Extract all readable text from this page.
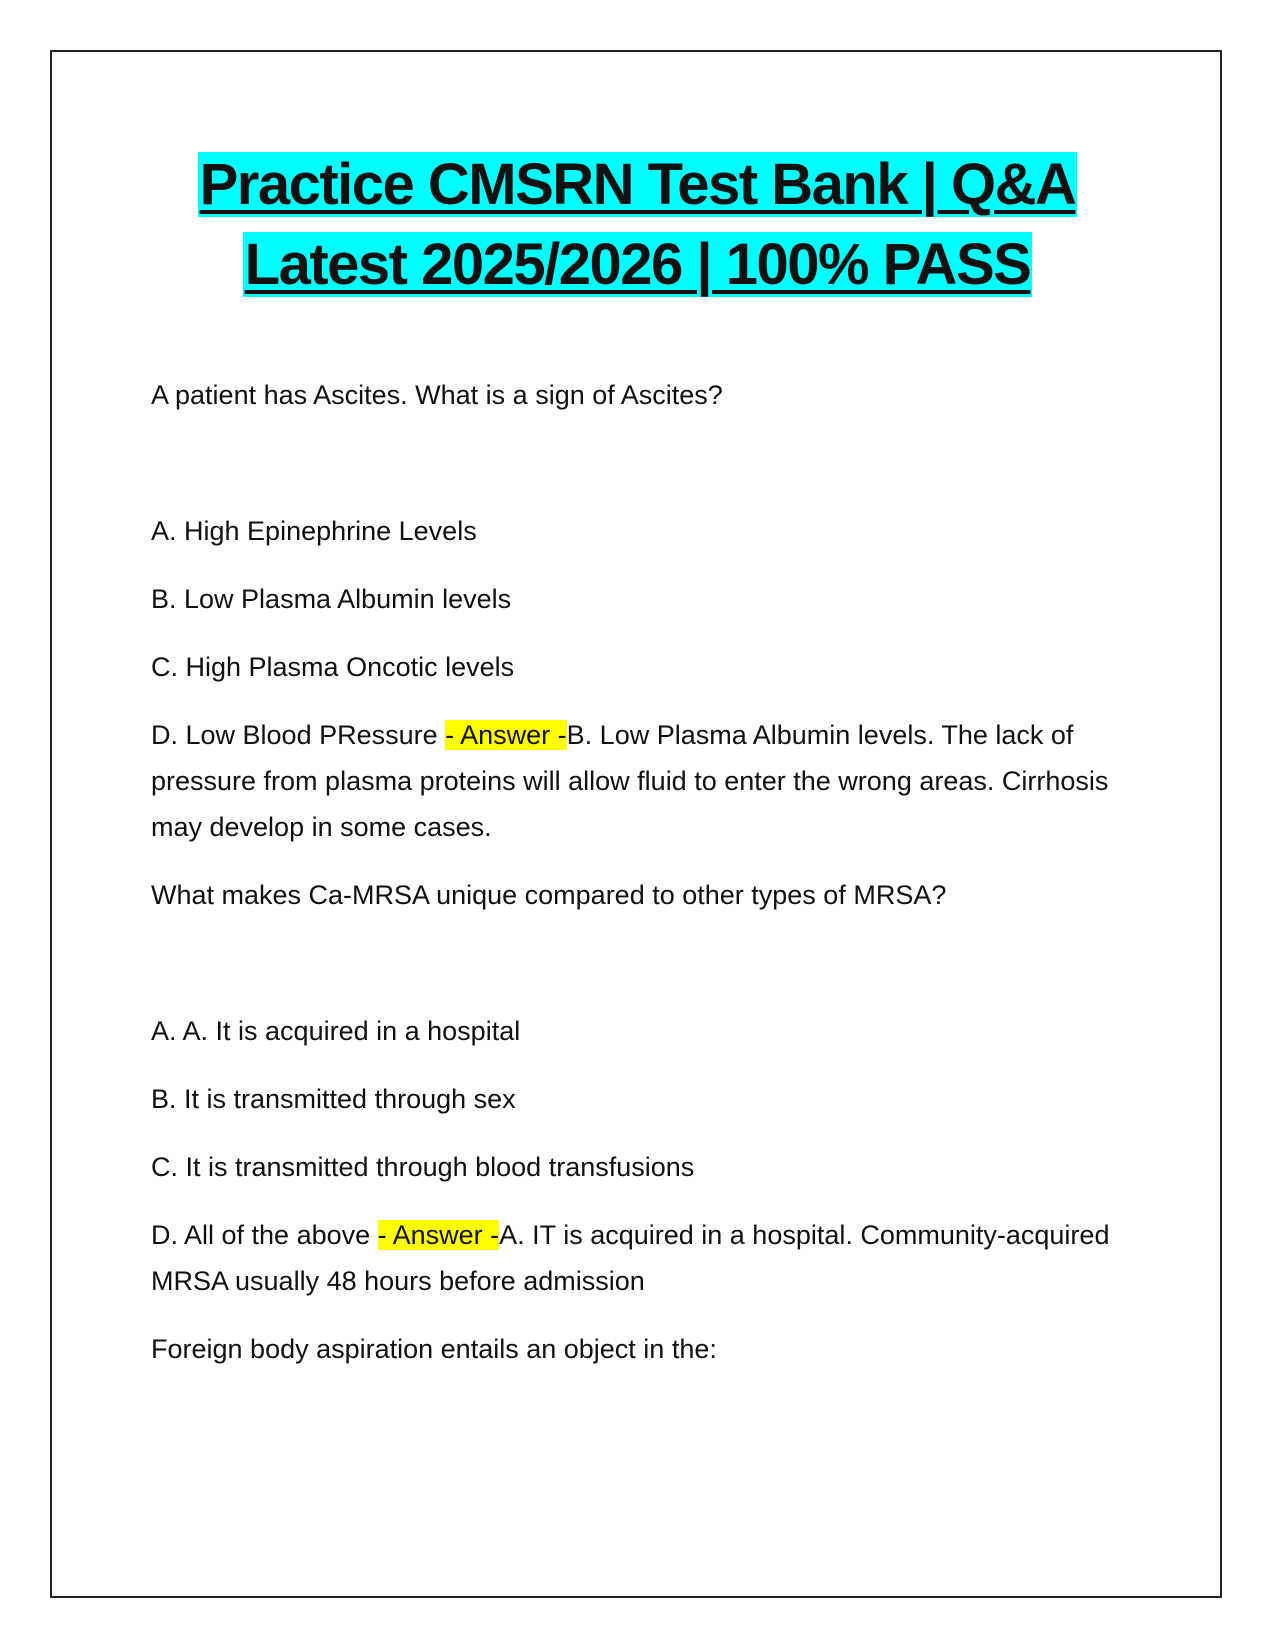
Practice CMSRN Test Bank | Q&A
Latest 2025/2026 | 100% PASS

A patient has Ascites. What is a sign of Ascites?

A. High Epinephrine Levels

B. Low Plasma Albumin levels

C. High Plasma Oncotic levels

D. Low Blood PRessure - Answer -B. Low Plasma Albumin levels. The lack of pressure from plasma proteins will allow fluid to enter the wrong areas. Cirrhosis may develop in some cases.

What makes Ca-MRSA unique compared to other types of MRSA?

A. A. It is acquired in a hospital

B. It is transmitted through sex

C. It is transmitted through blood transfusions

D. All of the above - Answer -A. IT is acquired in a hospital. Community-acquired MRSA usually 48 hours before admission

Foreign body aspiration entails an object in the:
